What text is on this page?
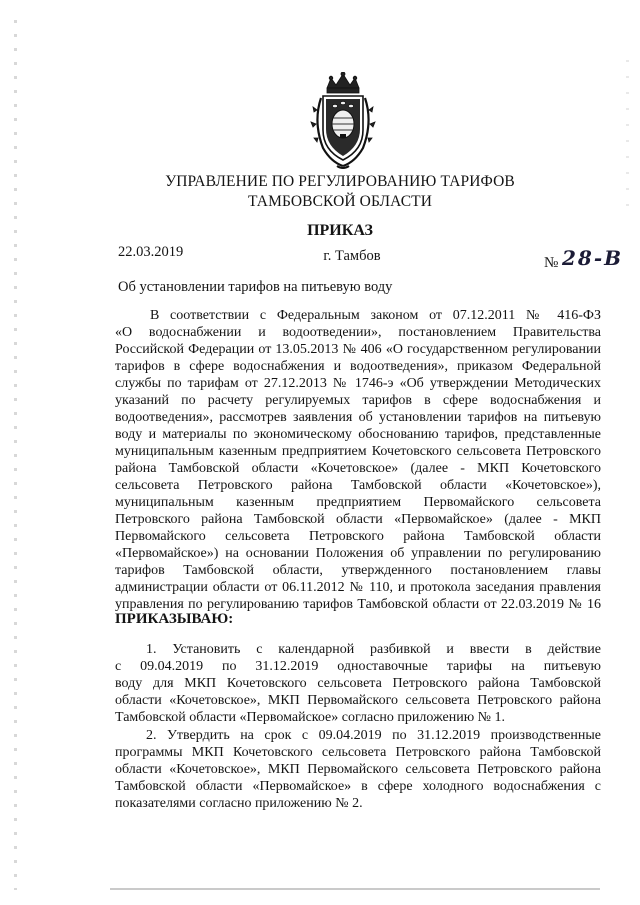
УПРАВЛЕНИЕ ПО РЕГУЛИРОВАНИЮ ТАРИФОВ
ТАМБОВСКОЙ ОБЛАСТИ
ПРИКАЗ
22.03.2019	г. Тамбов	№ 28-В
Об установлении тарифов на питьевую воду
В соответствии с Федеральным законом от 07.12.2011 № 416-ФЗ
«О водоснабжении и водоотведении», постановлением Правительства
Российской Федерации от 13.05.2013 № 406 «О государственном регулировании
тарифов в сфере водоснабжения и водоотведения», приказом Федеральной
службы по тарифам от 27.12.2013 № 1746-э «Об утверждении Методических
указаний по расчету регулируемых тарифов в сфере водоснабжения и
водоотведения», рассмотрев заявления об установлении тарифов на питьевую
воду и материалы по экономическому обоснованию тарифов, представленные
муниципальным казенным предприятием Кочетовского сельсовета Петровского
района Тамбовской области «Кочетовское» (далее - МКП Кочетовского
сельсовета Петровского района Тамбовской области «Кочетовское»),
муниципальным казенным предприятием Первомайского сельсовета
Петровского района Тамбовской области «Первомайское» (далее - МКП
Первомайского сельсовета Петровского района Тамбовской области
«Первомайское») на основании Положения об управлении по регулированию
тарифов Тамбовской области, утвержденного постановлением главы
администрации области от 06.11.2012 № 110, и протокола заседания правления
управления по регулированию тарифов Тамбовской области от 22.03.2019 № 16
ПРИКАЗЫВАЮ:
1. Установить с календарной разбивкой и ввести в действие
с 09.04.2019 по 31.12.2019 одноставочные тарифы на питьевую
воду для МКП Кочетовского сельсовета Петровского района Тамбовской
области «Кочетовское», МКП Первомайского сельсовета Петровского района
Тамбовской области «Первомайское» согласно приложению № 1.
2. Утвердить на срок с 09.04.2019 по 31.12.2019 производственные
программы МКП Кочетовского сельсовета Петровского района Тамбовской
области «Кочетовское», МКП Первомайского сельсовета Петровского района
Тамбовской области «Первомайское» в сфере холодного водоснабжения с
показателями согласно приложению № 2.
